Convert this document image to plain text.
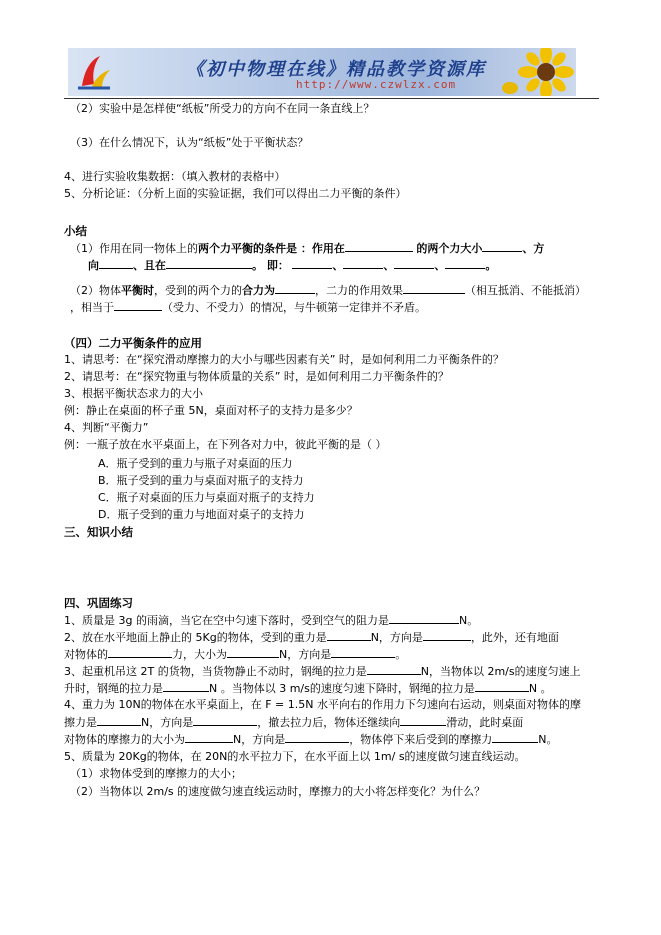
《初中物理在线》精品教学资源库
http://www.czwlzx.com
（2）实验中是怎样使“纸板”所受力的方向不在同一条直线上？
（3）在什么情况下，认为“纸板”处于平衡状态？
4、进行实验收集数据：（填入教材的表格中）
5、分析论证：（分析上面的实验证据，我们可以得出二力平衡的条件）
小结
（1）作用在同一物体上的两个力平衡的条件是 ：作用在	的两个力大小	、方
向	、且在	。 即：	、	、	、	。
（2）物体平衡时，受到的两个力的合力为	，二力的作用效果	（相互抵消、不能抵消）
，相当于	（受力、不受力）的情况，与牛顿第一定律并不矛盾。
（四）二力平衡条件的应用
1、请思考：在“探究滑动摩擦力的大小与哪些因素有关” 时，是如何利用二力平衡条件的？
2、请思考：在“探究物重与物体质量的关系” 时，是如何利用二力平衡条件的？
3、根据平衡状态求力的大小
例：静止在桌面的杯子重 5N，桌面对杯子的支持力是多少？
4、判断“平衡力”
例：一瓶子放在水平桌面上，在下列各对力中，彼此平衡的是（ ）
A．瓶子受到的重力与瓶子对桌面的压力
B．瓶子受到的重力与桌面对瓶子的支持力
C．瓶子对桌面的压力与桌面对瓶子的支持力
D．瓶子受到的重力与地面对桌子的支持力
三、知识小结
四、巩固练习
1、质量是 3g 的雨滴，当它在空中匀速下落时，受到空气的阻力是	N。
2、放在水平地面上静止的 5Kg的物体，受到的重力是	N，方向是	，此外，还有地面
对物体的	力，大小为	N，方向是	。
3、起重机吊这 2T 的货物，当货物静止不动时，钢绳的拉力是	N，当物体以 2m/s的速度匀速上
升时，钢绳的拉力是	N 。当物体以 3 m/s的速度匀速下降时，钢绳的拉力是	N 。
4、重力为 10N的物体在水平桌面上，在 F = 1.5N 水平向右的作用力下匀速向右运动，则桌面对物体的摩
擦力是	N，方向是	，撤去拉力后，物体还继续向	滑动，此时桌面
对物体的摩擦力的大小为	N，方向是	，物体停下来后受到的摩擦力	N。
5、质量为 20Kg的物体，在 20N的水平拉力下，在水平面上以 1m/ s的速度做匀速直线运动。
（1）求物体受到的摩擦力的大小；
（2）当物体以 2m/s 的速度做匀速直线运动时，摩擦力的大小将怎样变化？为什么？
